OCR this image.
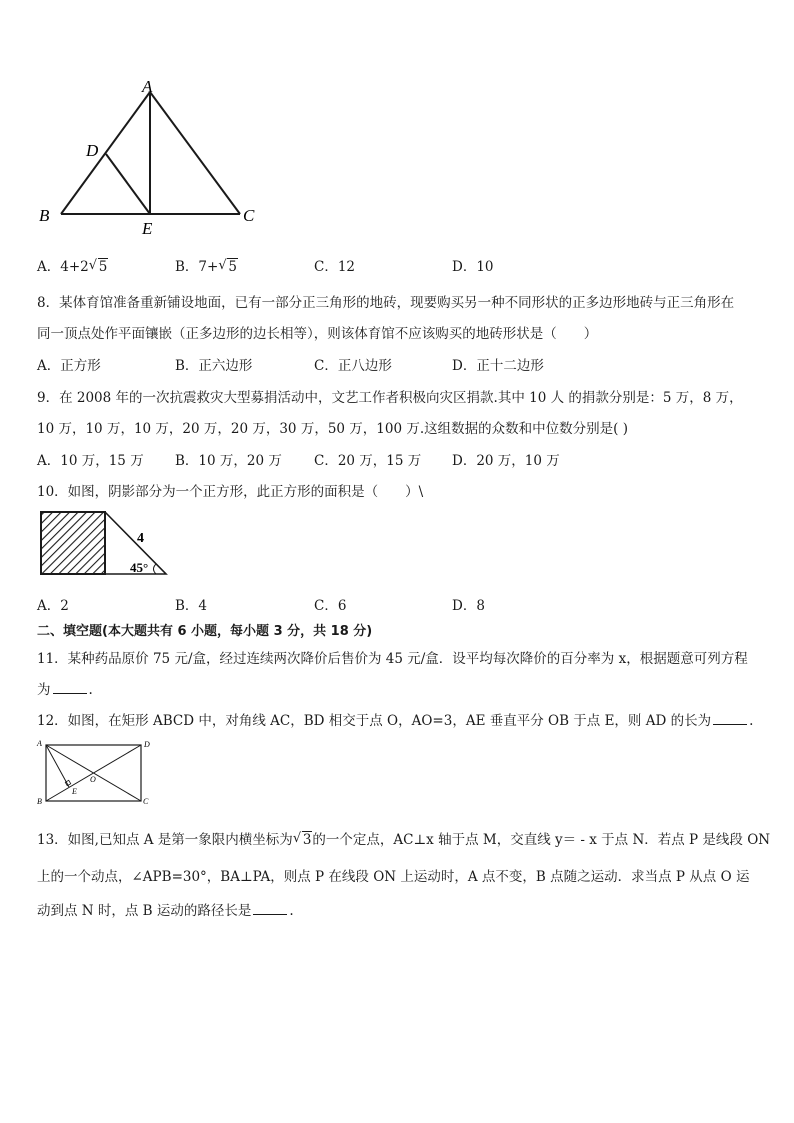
A
D
B
E
C
A．4+2 √ 5	B．7+ √ 5	C．12	D．10
8．某体育馆准备重新铺设地面，已有一部分正三角形的地砖，现要购买另一种不同形状的正多边形地砖与正三角形在
同一顶点处作平面镶嵌（正多边形的边长相等），则该体育馆不应该购买的地砖形状是（　　）
A．正方形	B．正六边形	C．正八边形	D．正十二边形
9．在 2008 年的一次抗震救灾大型募捐活动中，文艺工作者积极向灾区捐款.其中 10 人 的捐款分别是：5 万，8 万，
10 万，10 万，10 万，20 万，20 万，30 万，50 万，100 万.这组数据的众数和中位数分别是( )
A．10 万，15 万 B．10 万，20 万 C．20 万，15 万 D．20 万，10 万
10．如图，阴影部分为一个正方形，此正方形的面积是（　　）\
4
45°
A．2	B．4	C．6	D．8
二、填空题(本大题共有 6 小题，每小题 3 分，共 18 分)
11．某种药品原价 75 元/盒，经过连续两次降价后售价为 45 元/盒．设平均每次降价的百分率为 x，根据题意可列方程
为	.
12．如图，在矩形 ABCD 中，对角线 AC，BD 相交于点 O，AO=3，AE 垂直平分 OB 于点 E，则 AD 的长为	.
A	D
B	C
O
E
13．如图,已知点 A 是第一象限内横坐标为 √ 3的一个定点，AC⊥x 轴于点 M，交直线 y＝ - x 于点 N．若点 P 是线段 ON
上的一个动点，∠APB=30°，BA⊥PA，则点 P 在线段 ON 上运动时，A 点不变，B 点随之运动．求当点 P 从点 O 运
动到点 N 时，点 B 运动的路径长是	.
